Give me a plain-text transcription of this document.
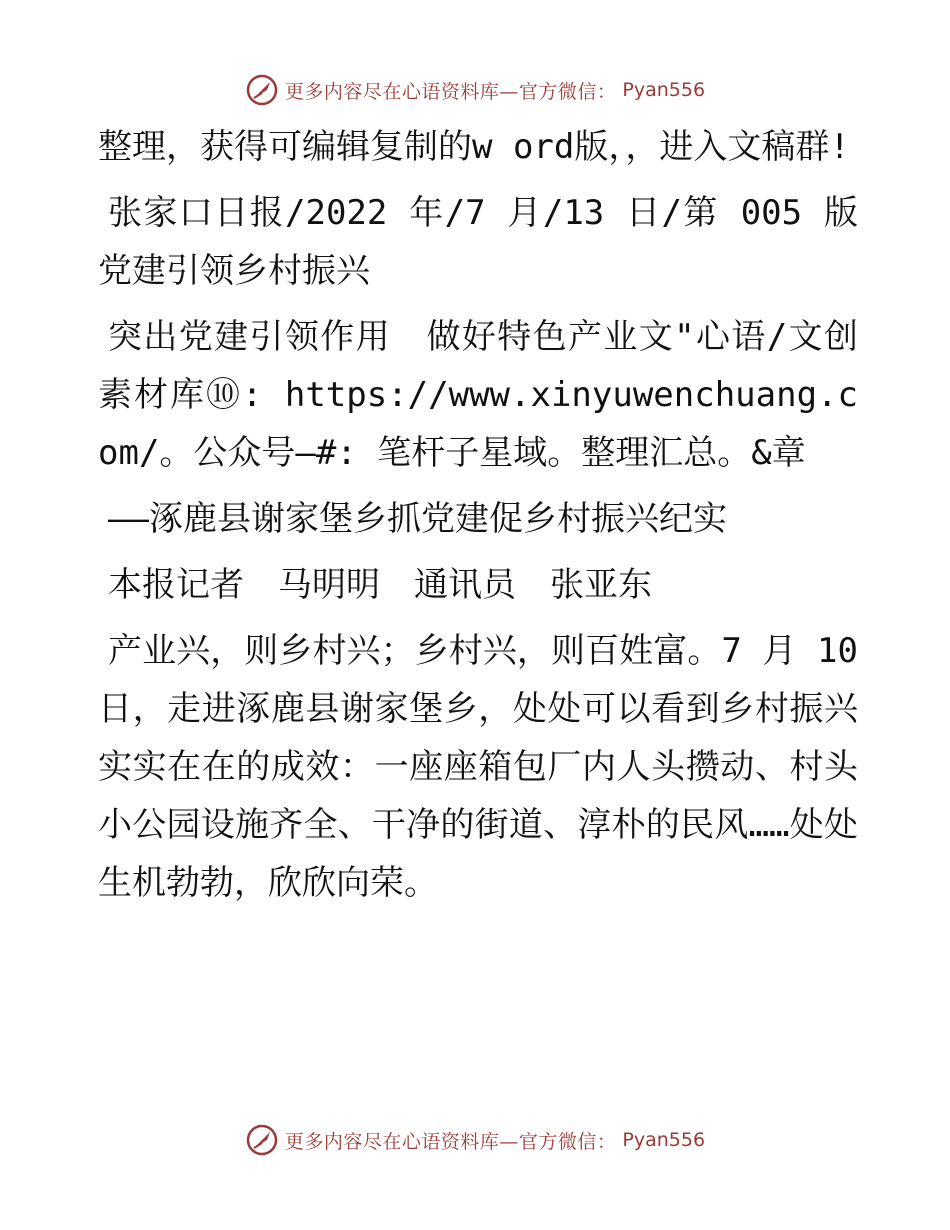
更多内容尽在心语资料库—官方微信： Pyan556

整理，获得可编辑复制的w ord版，，进入文稿群!

张家口日报/2022 年/7 月/13 日/第 005 版党建引领乡村振兴

突出党建引领作用　做好特色产业文"心语/文创素材库⑩: https://www.xinyuwenchuang.com/。公众号—#: 笔杆子星域。整理汇总。&章

——涿鹿县谢家堡乡抓党建促乡村振兴纪实

本报记者　马明明　通讯员　张亚东

产业兴，则乡村兴；乡村兴，则百姓富。7 月 10 日，走进涿鹿县谢家堡乡，处处可以看到乡村振兴实实在在的成效：一座座箱包厂内人头攒动、村头小公园设施齐全、干净的街道、淳朴的民风……处处生机勃勃，欣欣向荣。

更多内容尽在心语资料库—官方微信： Pyan556
